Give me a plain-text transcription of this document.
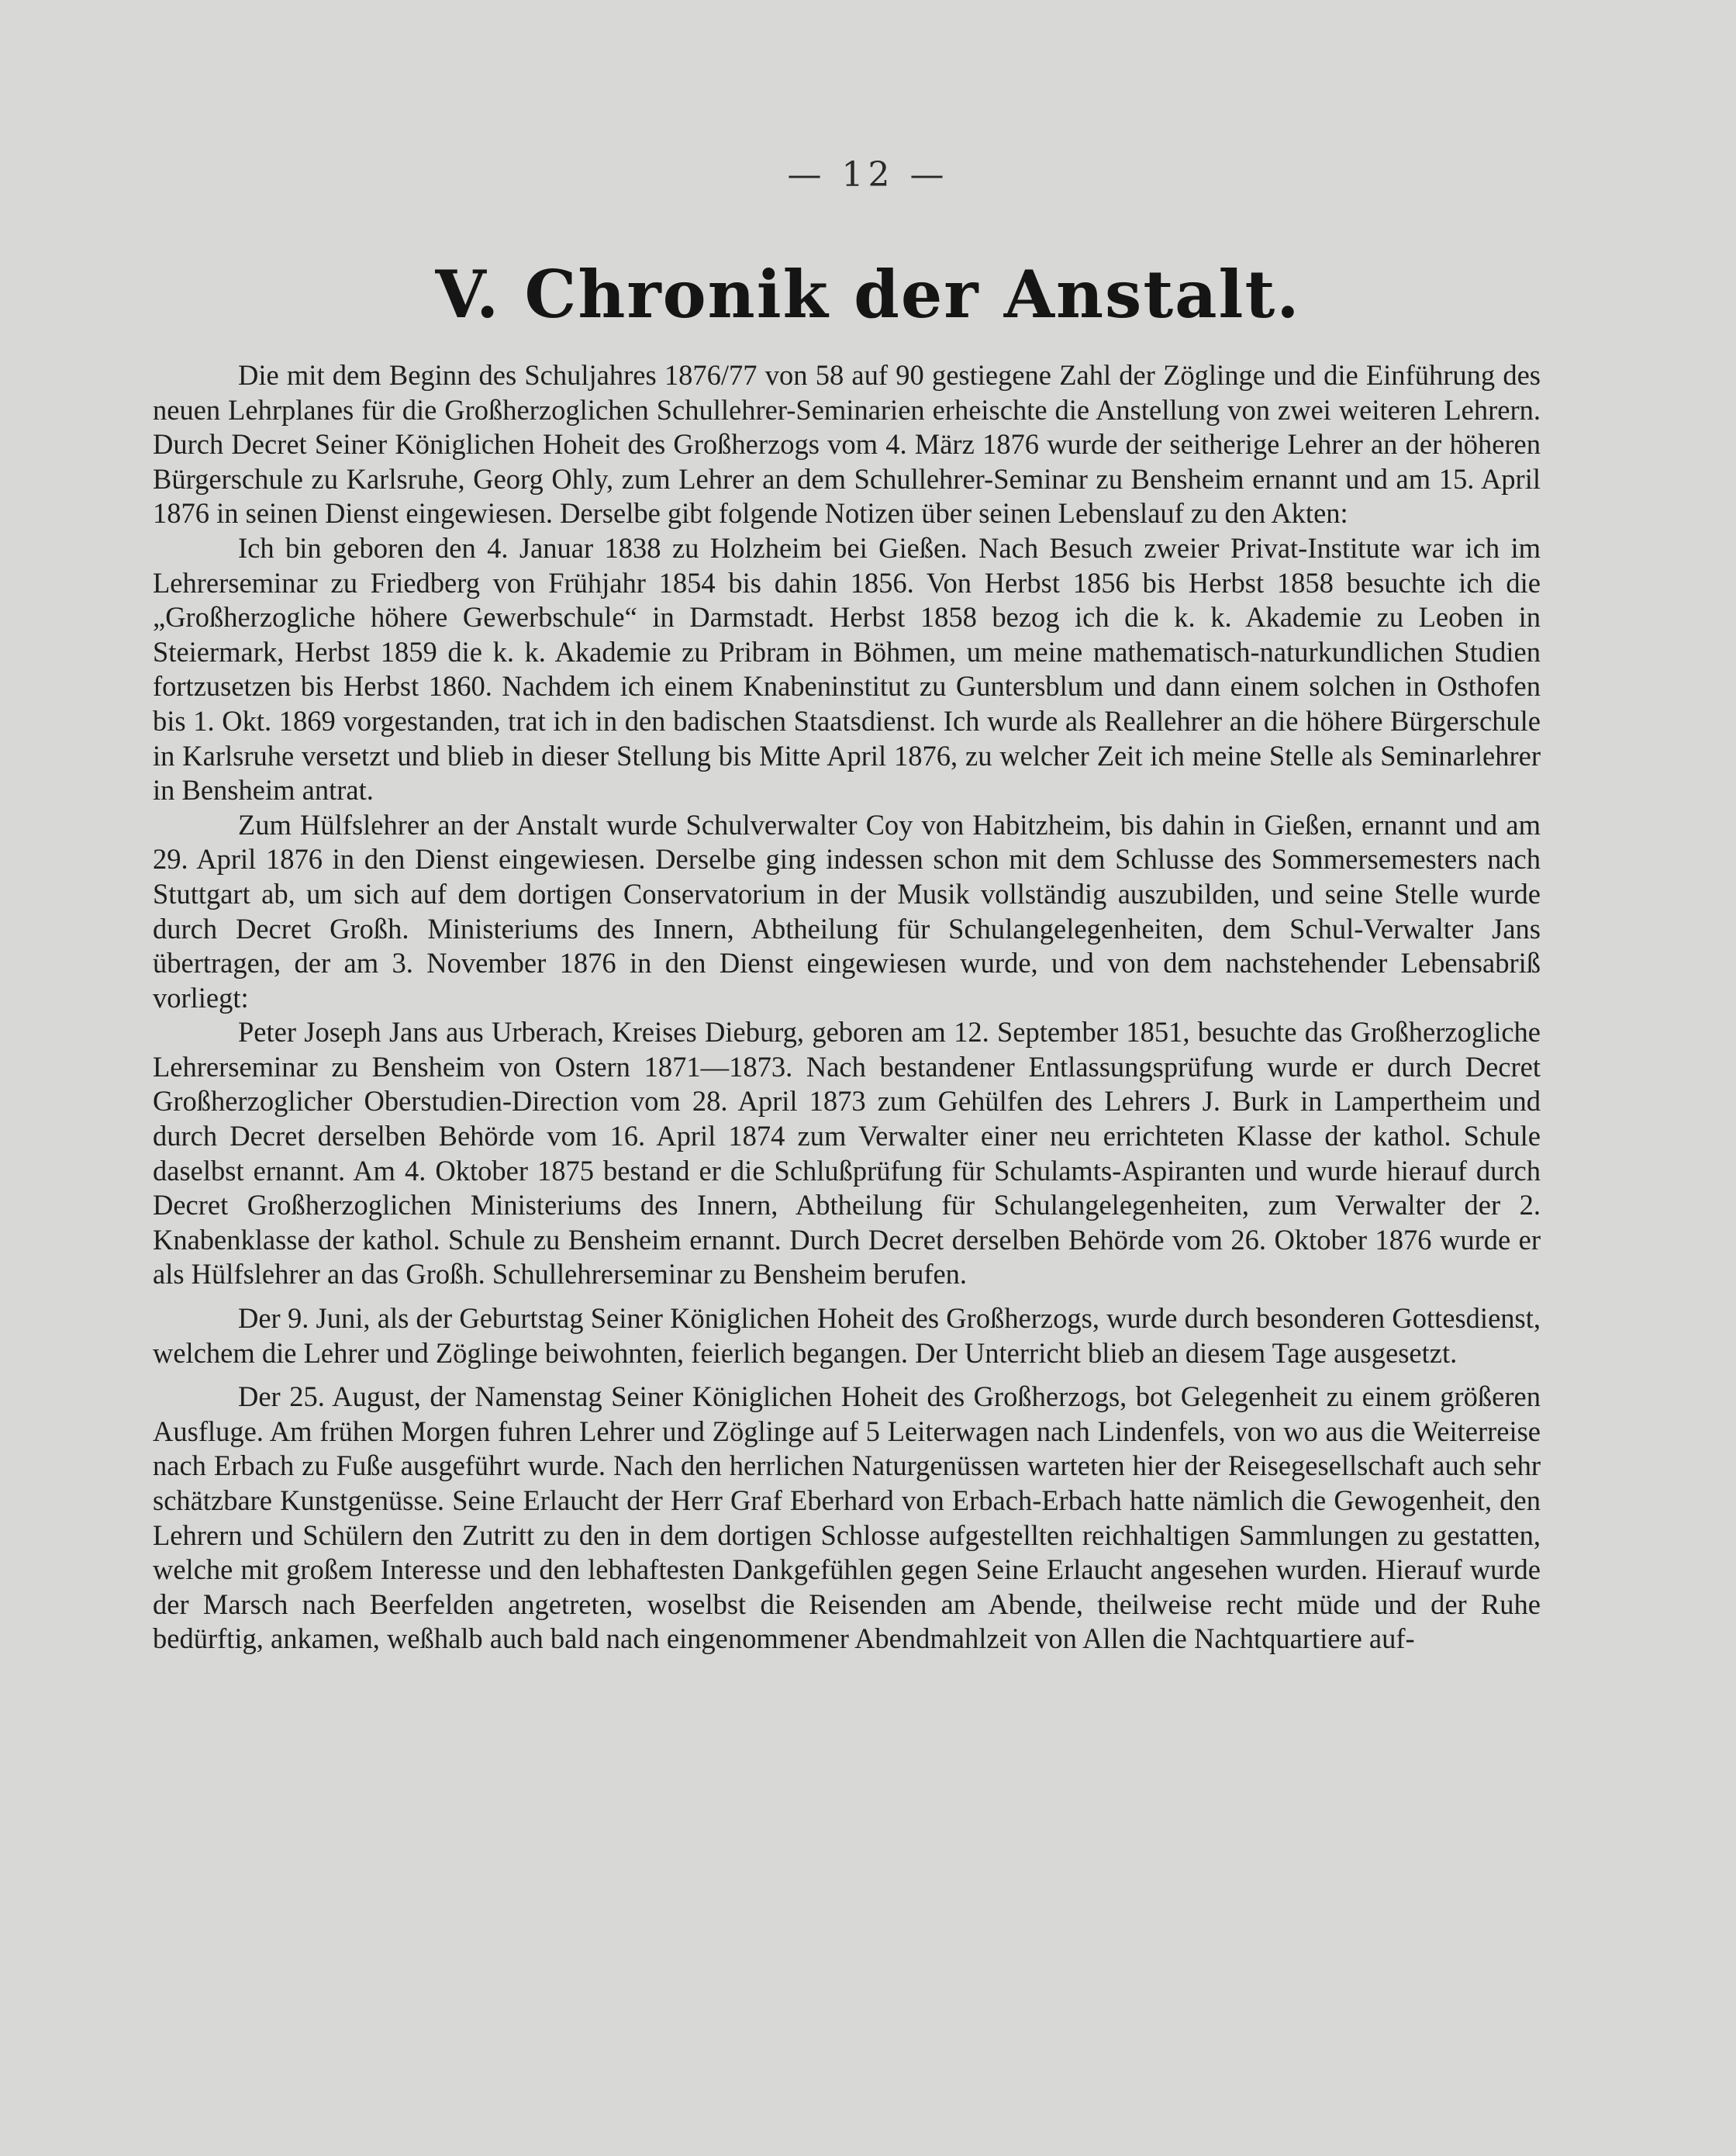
— 12 —
V. Chronik der Anstalt.

Die mit dem Beginn des Schuljahres 1876/77 von 58 auf 90 gestiegene Zahl der Zöglinge und die Einführung des neuen Lehrplanes für die Großherzoglichen Schullehrer-Seminarien erheischte die Anstellung von zwei weiteren Lehrern. Durch Decret Seiner Königlichen Hoheit des Großherzogs vom 4. März 1876 wurde der seitherige Lehrer an der höheren Bürgerschule zu Karlsruhe, Georg Ohly, zum Lehrer an dem Schullehrer-Seminar zu Bensheim ernannt und am 15. April 1876 in seinen Dienst eingewiesen. Derselbe gibt folgende Notizen über seinen Lebenslauf zu den Akten:

Ich bin geboren den 4. Januar 1838 zu Holzheim bei Gießen. Nach Besuch zweier Privat-Institute war ich im Lehrerseminar zu Friedberg von Frühjahr 1854 bis dahin 1856. Von Herbst 1856 bis Herbst 1858 besuchte ich die „Großherzogliche höhere Gewerbschule“ in Darmstadt. Herbst 1858 bezog ich die k. k. Akademie zu Leoben in Steiermark, Herbst 1859 die k. k. Akademie zu Pribram in Böhmen, um meine mathematisch-naturkundlichen Studien fortzusetzen bis Herbst 1860. Nachdem ich einem Knabeninstitut zu Guntersblum und dann einem solchen in Osthofen bis 1. Okt. 1869 vorgestanden, trat ich in den badischen Staatsdienst. Ich wurde als Reallehrer an die höhere Bürgerschule in Karlsruhe versetzt und blieb in dieser Stellung bis Mitte April 1876, zu welcher Zeit ich meine Stelle als Seminarlehrer in Bensheim antrat.

Zum Hülfslehrer an der Anstalt wurde Schulverwalter Coy von Habitzheim, bis dahin in Gießen, ernannt und am 29. April 1876 in den Dienst eingewiesen. Derselbe ging indessen schon mit dem Schlusse des Sommersemesters nach Stuttgart ab, um sich auf dem dortigen Conservatorium in der Musik vollständig auszubilden, und seine Stelle wurde durch Decret Großh. Ministeriums des Innern, Abtheilung für Schulangelegenheiten, dem Schul-Verwalter Jans übertragen, der am 3. November 1876 in den Dienst eingewiesen wurde, und von dem nachstehender Lebensabriß vorliegt:

Peter Joseph Jans aus Urberach, Kreises Dieburg, geboren am 12. September 1851, besuchte das Großherzogliche Lehrerseminar zu Bensheim von Ostern 1871—1873. Nach bestandener Entlassungsprüfung wurde er durch Decret Großherzoglicher Oberstudien-Direction vom 28. April 1873 zum Gehülfen des Lehrers J. Burk in Lampertheim und durch Decret derselben Behörde vom 16. April 1874 zum Verwalter einer neu errichteten Klasse der kathol. Schule daselbst ernannt. Am 4. Oktober 1875 bestand er die Schlußprüfung für Schulamts-Aspiranten und wurde hierauf durch Decret Großherzoglichen Ministeriums des Innern, Abtheilung für Schulangelegenheiten, zum Verwalter der 2. Knabenklasse der kathol. Schule zu Bensheim ernannt. Durch Decret derselben Behörde vom 26. Oktober 1876 wurde er als Hülfslehrer an das Großh. Schullehrerseminar zu Bensheim berufen.

Der 9. Juni, als der Geburtstag Seiner Königlichen Hoheit des Großherzogs, wurde durch besonderen Gottesdienst, welchem die Lehrer und Zöglinge beiwohnten, feierlich begangen. Der Unterricht blieb an diesem Tage ausgesetzt.

Der 25. August, der Namenstag Seiner Königlichen Hoheit des Großherzogs, bot Gelegenheit zu einem größeren Ausfluge. Am frühen Morgen fuhren Lehrer und Zöglinge auf 5 Leiterwagen nach Lindenfels, von wo aus die Weiterreise nach Erbach zu Fuße ausgeführt wurde. Nach den herrlichen Naturgenüssen warteten hier der Reisegesellschaft auch sehr schätzbare Kunstgenüsse. Seine Erlaucht der Herr Graf Eberhard von Erbach-Erbach hatte nämlich die Gewogenheit, den Lehrern und Schülern den Zutritt zu den in dem dortigen Schlosse aufgestellten reichhaltigen Sammlungen zu gestatten, welche mit großem Interesse und den lebhaftesten Dankgefühlen gegen Seine Erlaucht angesehen wurden. Hierauf wurde der Marsch nach Beerfelden angetreten, woselbst die Reisenden am Abende, theilweise recht müde und der Ruhe bedürftig, ankamen, weßhalb auch bald nach eingenommener Abendmahlzeit von Allen die Nachtquartiere auf-
